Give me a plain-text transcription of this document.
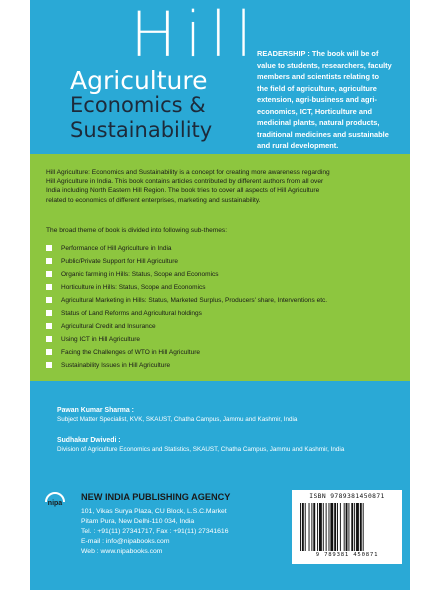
Hill
Agriculture
Economics &
Sustainability
READERSHIP : The book will be of
value to students, researchers, faculty
members and scientists relating to
the field of agriculture, agriculture
extension, agri-business and agri-
economics, ICT, Horticulture and
medicinal plants, natural products,
traditional medicines and sustainable
and rural development.
Hill Agriculture: Economics and Sustainability is a concept for creating more awareness regarding
Hill Agriculture in India. This book contains articles contributed by different authors from all over
India including North Eastern Hill Region. The book tries to cover all aspects of Hill Agriculture
related to economics of different enterprises, marketing and sustainability.
The broad theme of book is divided into following sub-themes:
Performance of Hill Agriculture in India
Public/Private Support for Hill Agriculture
Organic farming in Hills: Status, Scope and Economics
Horticulture in Hills: Status, Scope and Economics
Agricultural Marketing in Hills: Status, Marketed Surplus, Producers' share, Interventions etc.
Status of Land Reforms and Agricultural holdings
Agricultural Credit and Insurance
Using ICT in Hill Agriculture
Facing the Challenges of WTO in Hill Agriculture
Sustainability Issues in Hill Agriculture
Pawan Kumar Sharma :
Subject Matter Specialist, KVK, SKAUST, Chatha Campus, Jammu and Kashmir, India
Sudhakar Dwivedi :
Division of Agriculture Economics and Statistics, SKAUST, Chatha Campus, Jammu and Kashmir, India
nipa
NEW INDIA PUBLISHING AGENCY
101, Vikas Surya Plaza, CU Block, L.S.C.Market
Pitam Pura, New Delhi-110 034, India
Tel. : +91(11) 27341717, Fax : +91(11) 27341616
E-mail : info@nipabooks.com
Web : www.nipabooks.com
ISBN 9789381450871
9 789381 450871
